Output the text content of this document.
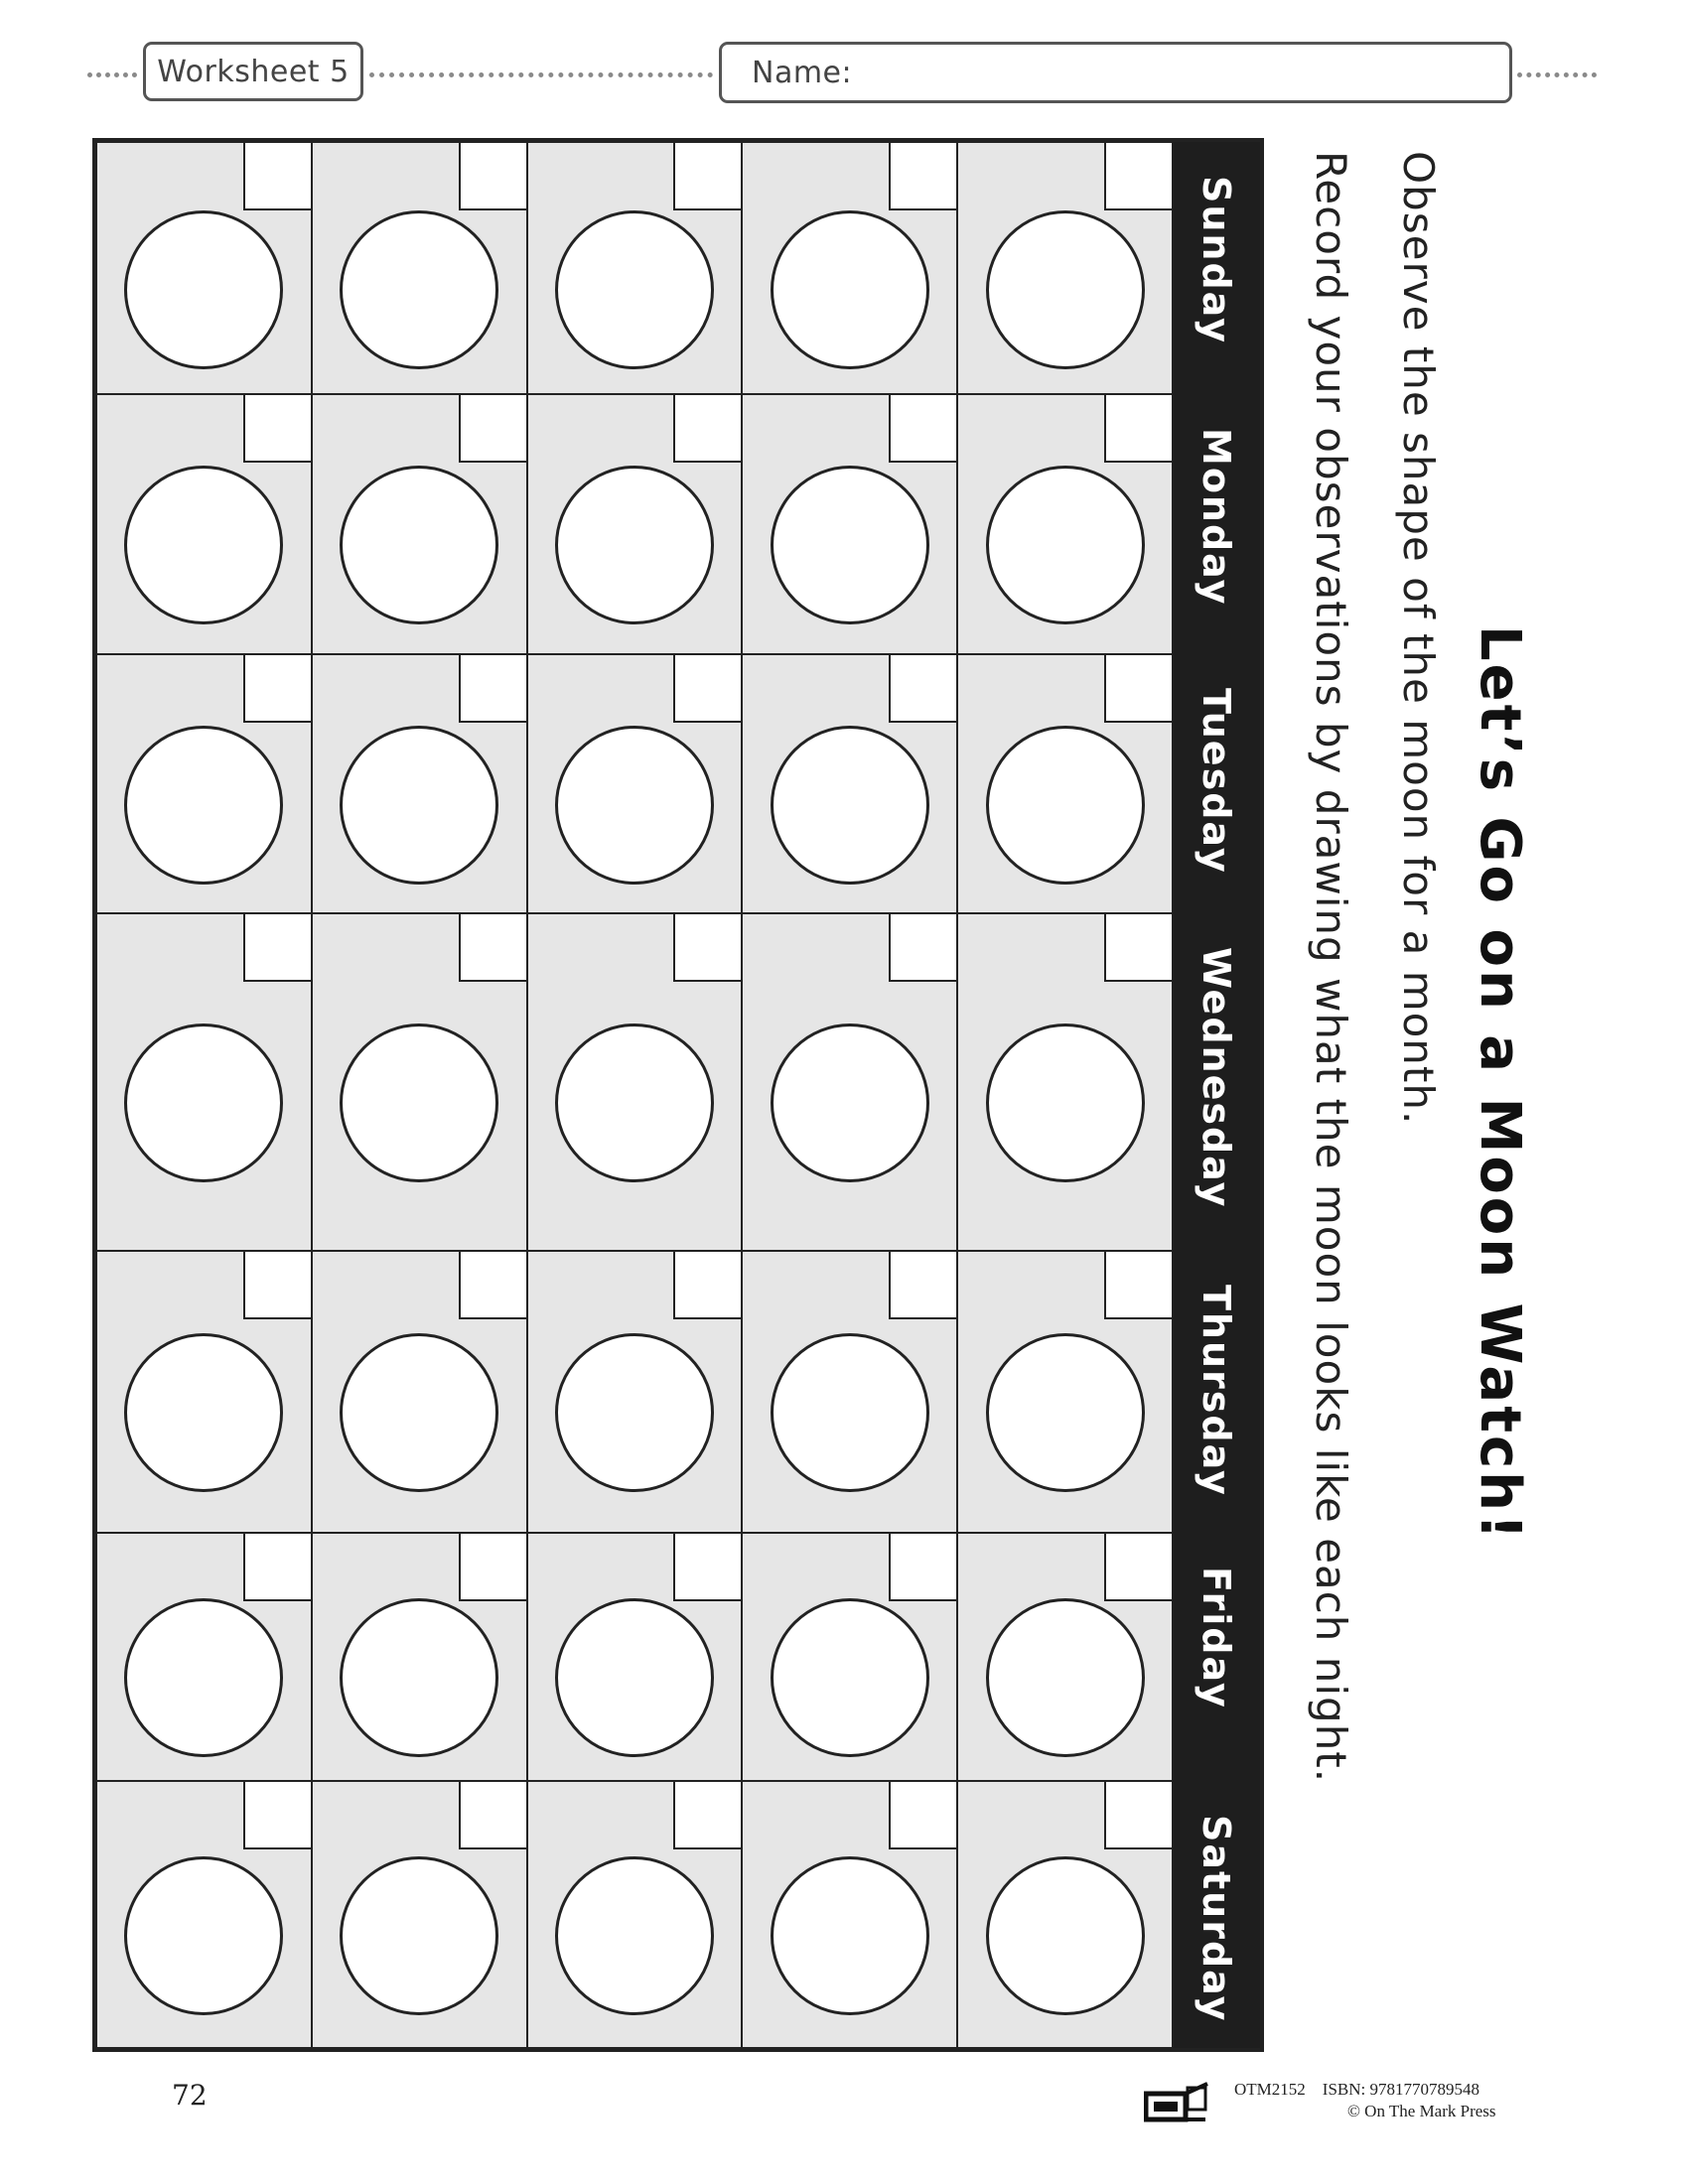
Worksheet 5	Name:
Sunday
Monday
Tuesday
Wednesday
Thursday
Friday
Saturday
Let’s Go on a Moon Watch!
Observe the shape of the moon for a month.
Record your observations by drawing what the moon looks like each night.
72	OTM2152    ISBN: 9781770789548
© On The Mark Press
